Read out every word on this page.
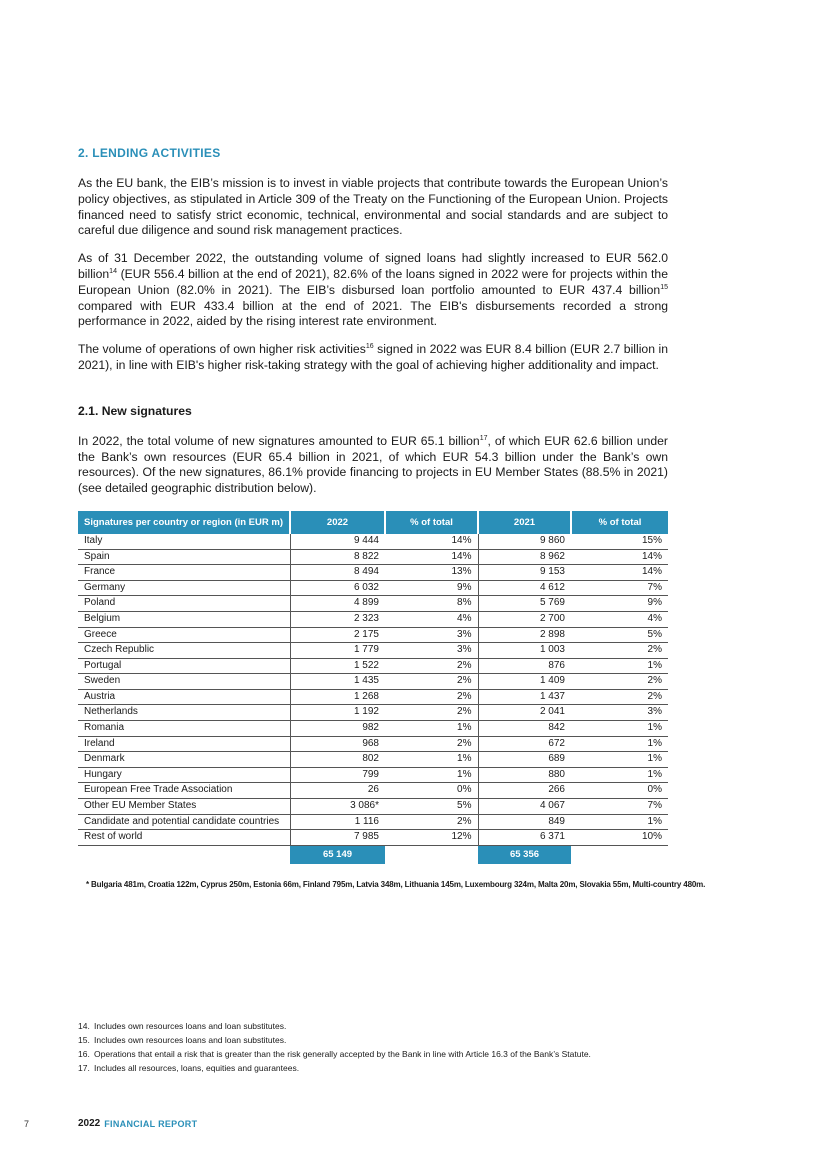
2. LENDING ACTIVITIES

As the EU bank, the EIB’s mission is to invest in viable projects that contribute towards the European Union’s policy objectives, as stipulated in Article 309 of the Treaty on the Functioning of the European Union. Projects financed need to satisfy strict economic, technical, environmental and social standards and are subject to careful due diligence and sound risk management practices.

As of 31 December 2022, the outstanding volume of signed loans had slightly increased to EUR 562.0 billion$^{14}$ (EUR 556.4 billion at the end of 2021), 82.6% of the loans signed in 2022 were for projects within the European Union (82.0% in 2021). The EIB’s disbursed loan portfolio amounted to EUR 437.4 billion$^{15}$ compared with EUR 433.4 billion at the end of 2021. The EIB's disbursements recorded a strong performance in 2022, aided by the rising interest rate environment.

The volume of operations of own higher risk activities$^{16}$ signed in 2022 was EUR 8.4 billion (EUR 2.7 billion in 2021), in line with EIB's higher risk-taking strategy with the goal of achieving higher additionality and impact.

2.1. New signatures

In 2022, the total volume of new signatures amounted to EUR 65.1 billion$^{17}$, of which EUR 62.6 billion under the Bank’s own resources (EUR 65.4 billion in 2021, of which EUR 54.3 billion under the Bank’s own resources). Of the new signatures, 86.1% provide financing to projects in EU Member States (88.5% in 2021) (see detailed geographic distribution below).

Signatures per country or region (in EUR m)	2022	% of total	2021	% of total
Italy	9 444	14%	9 860	15%
Spain	8 822	14%	8 962	14%
France	8 494	13%	9 153	14%
Germany	6 032	9%	4 612	7%
Poland	4 899	8%	5 769	9%
Belgium	2 323	4%	2 700	4%
Greece	2 175	3%	2 898	5%
Czech Republic	1 779	3%	1 003	2%
Portugal	1 522	2%	876	1%
Sweden	1 435	2%	1 409	2%
Austria	1 268	2%	1 437	2%
Netherlands	1 192	2%	2 041	3%
Romania	982	1%	842	1%
Ireland	968	2%	672	1%
Denmark	802	1%	689	1%
Hungary	799	1%	880	1%
European Free Trade Association	26	0%	266	0%
Other EU Member States	3 086*	5%	4 067	7%
Candidate and potential candidate countries	1 116	2%	849	1%
Rest of world	7 985	12%	6 371	10%
	65 149		65 356	
* Bulgaria 481m, Croatia 122m, Cyprus 250m, Estonia 66m, Finland 795m, Latvia 348m, Lithuania 145m, Luxembourg 324m, Malta 20m, Slovakia 55m, Multi-country 480m.
14. Includes own resources loans and loan substitutes.
15. Includes own resources loans and loan substitutes.
16. Operations that entail a risk that is greater than the risk generally accepted by the Bank in line with Article 16.3 of the Bank’s Statute.
17. Includes all resources, loans, equities and guarantees.
7	2022 FINANCIAL REPORT
